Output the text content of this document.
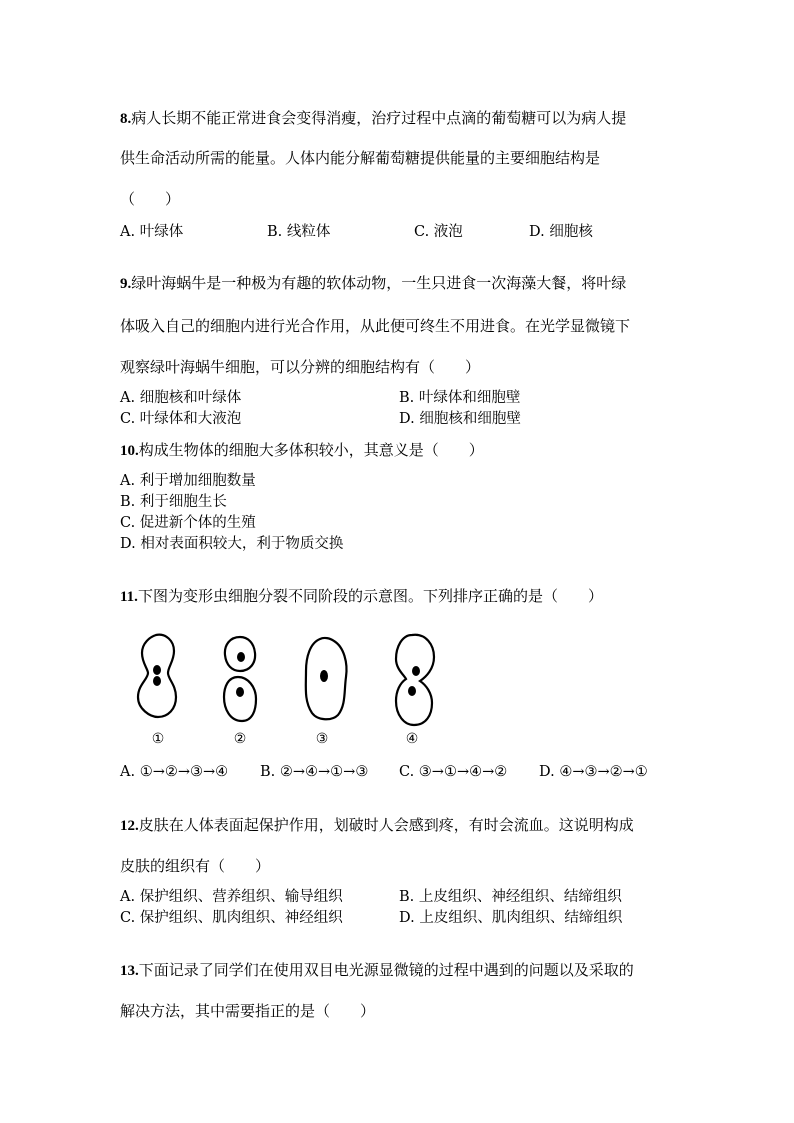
8.病人长期不能正常进食会变得消瘦，治疗过程中点滴的葡萄糖可以为病人提
供生命活动所需的能量。人体内能分解葡萄糖提供能量的主要细胞结构是
（　　）
A. 叶绿体	B. 线粒体	C. 液泡	D. 细胞核
9.绿叶海蜗牛是一种极为有趣的软体动物，一生只进食一次海藻大餐，将叶绿
体吸入自己的细胞内进行光合作用，从此便可终生不用进食。在光学显微镜下
观察绿叶海蜗牛细胞，可以分辨的细胞结构有（　　）
A. 细胞核和叶绿体	B. 叶绿体和细胞壁
C. 叶绿体和大液泡	D. 细胞核和细胞壁
10.构成生物体的细胞大多体积较小，其意义是（　　）
A. 利于增加细胞数量
B. 利于细胞生长
C. 促进新个体的生殖
D. 相对表面积较大，利于物质交换
11.下图为变形虫细胞分裂不同阶段的示意图。下列排序正确的是（　　）
①	②	③	④
A. ①→②→③→④ B. ②→④→①→③ C. ③→①→④→② D. ④→③→②→①
12.皮肤在人体表面起保护作用，划破时人会感到疼，有时会流血。这说明构成
皮肤的组织有（　　）
A. 保护组织、营养组织、输导组织	B. 上皮组织、神经组织、结缔组织
C. 保护组织、肌肉组织、神经组织	D. 上皮组织、肌肉组织、结缔组织
13.下面记录了同学们在使用双目电光源显微镜的过程中遇到的问题以及采取的
解决方法，其中需要指正的是（　　）
